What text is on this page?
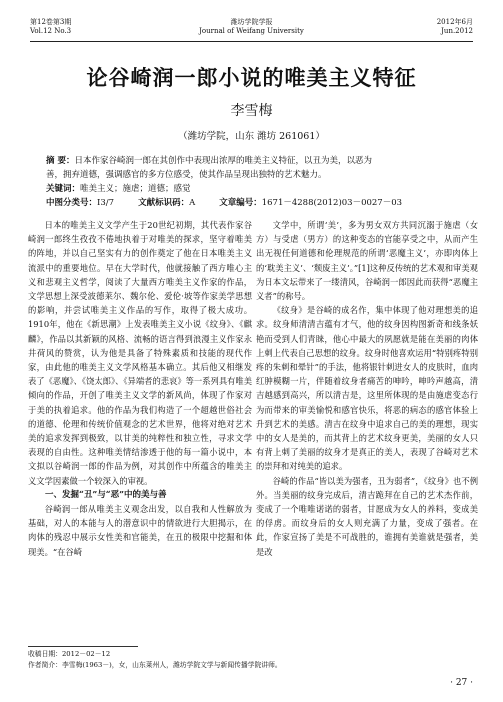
第12卷第3期
Vol.12 No.3
潍坊学院学报
Journal of Weifang University
2012年6月
Jun.2012
论谷崎润一郎小说的唯美主义特征
李雪梅
（潍坊学院，山东 潍坊 261061）
摘 要：日本作家谷崎润一郎在其创作中表现出浓厚的唯美主义特征，以丑为美，以恶为
善，拥弃道德，强调感官的多方位感受，使其作品呈现出独特的艺术魅力。
关键词：唯美主义；施虐；道德；感觉
中图分类号：I3/7	文献标识码：A	文章编号：1671－4288(2012)03－0027－03

日本的唯美主义文学产生于20世纪初期，其代表作家谷崎润一郎终生孜孜不倦地执着于对唯美的探求，坚守着唯美的阵地，并以自己坚实有力的创作奠定了他在日本唯美主义流派中的重要地位。早在大学时代，他就接触了西方唯心主义和悲观主义哲学，阅读了大量西方唯美主义作家的作品，文学思想上深受波德莱尔、魏尔伦、爱伦·坡等作家美学思想的影响，并尝试唯美主义作品的写作，取得了极大成功。1910年，他在《新思潮》上发表唯美主义小说《纹身》、《麒麟》，作品以其新颖的风格、流畅的语言得到浪漫主义作家永井荷风的赞赏，认为他是具备了特殊素质和技能的现代作家，由此他的唯美主义文学风格基本确立。其后他又相继发表了《恶魔》、《饶太郎》、《异端者的悲哀》等一系列具有唯美倾向的作品，开创了唯美主义文学的新风尚，体现了作家对于美的执着追求。他的作品为我们构造了一个超越世俗社会的道德、伦理和传统价值观念的艺术世界，他将对绝对艺术美的追求发挥到极致，以甘美的纯粹性和独立性，寻求文学表现的自由性。这种唯美情结渗透于他的每一篇小说中，本文拟以谷崎润一郎的作品为例，对其创作中所蕴含的唯美主义文学因素做一个较深入的审视。

一、发掘“丑”与“恶”中的美与善

谷崎润一郎从唯美主义观念出发，以自我和人性解放为基础，对人的本能与人的潜意识中的情欲进行大胆揭示，在肉体的残忍中展示女性美和官能美，在丑的极限中挖掘和体现美。“在谷崎

文学中，所谓‘美’，多为男女双方共同沉溺于施虐（女方）与受虐（男方）的这种变态的官能享受之中，从而产生出无视任何道德和伦理规范的所谓‘恶魔主义’，亦即肉体上的‘耽美主义’、‘颓废主义’。”[1]这种反传统的艺术观和审美观为日本文坛带来了一缕清风，谷崎润一郎因此而获得“恶魔主义者”的称号。

《纹身》是谷崎的成名作，集中体现了他对理想美的追求。纹身师清清吉蕴有才气，他的纹身因构图新奇和线条妖艳而受到人们青睐，他心中最大的夙愿就是能在美丽的肉体上刺上代表自己思想的纹身。纹身时他喜欢运用“特别疼特别疼的朱刺和晕针”的手法，他将银针刺进女人的皮肤时，血肉红肿模糊一片，伴随着纹身者痛苦的呻吟，呻吟声越高，清吉越感到高兴，所以清吉是，这里所体现的是由施虐变态行为而带来的审美愉悦和感官快乐，将恶的病态的感官体验上升到艺术的美感。清吉在纹身中追求自己的美的理想，现实中的女人是美的，而其背上的艺术纹身更美，美丽的女人只有背上刺了美丽的纹身才是真正的美人，表现了谷崎对艺术的崇拜和对纯美的追求。

谷崎的作品“皆以美为强者，丑为弱者”，《纹身》也不例外。当美丽的纹身完成后，清吉跪拜在自己的艺术杰作前，变成了一个唯唯诺诺的弱者，甘愿成为女人的养料，变成美的俘虏。而纹身后的女人则充满了力量，变成了强者。在此，作家宣扬了美是不可战胜的，谁拥有美谁就是强者，美是改

收稿日期：2012－02－12
作者简介：李雪梅(1963－)，女，山东莱州人，潍坊学院文学与新闻传播学院讲师。
· 27 ·
